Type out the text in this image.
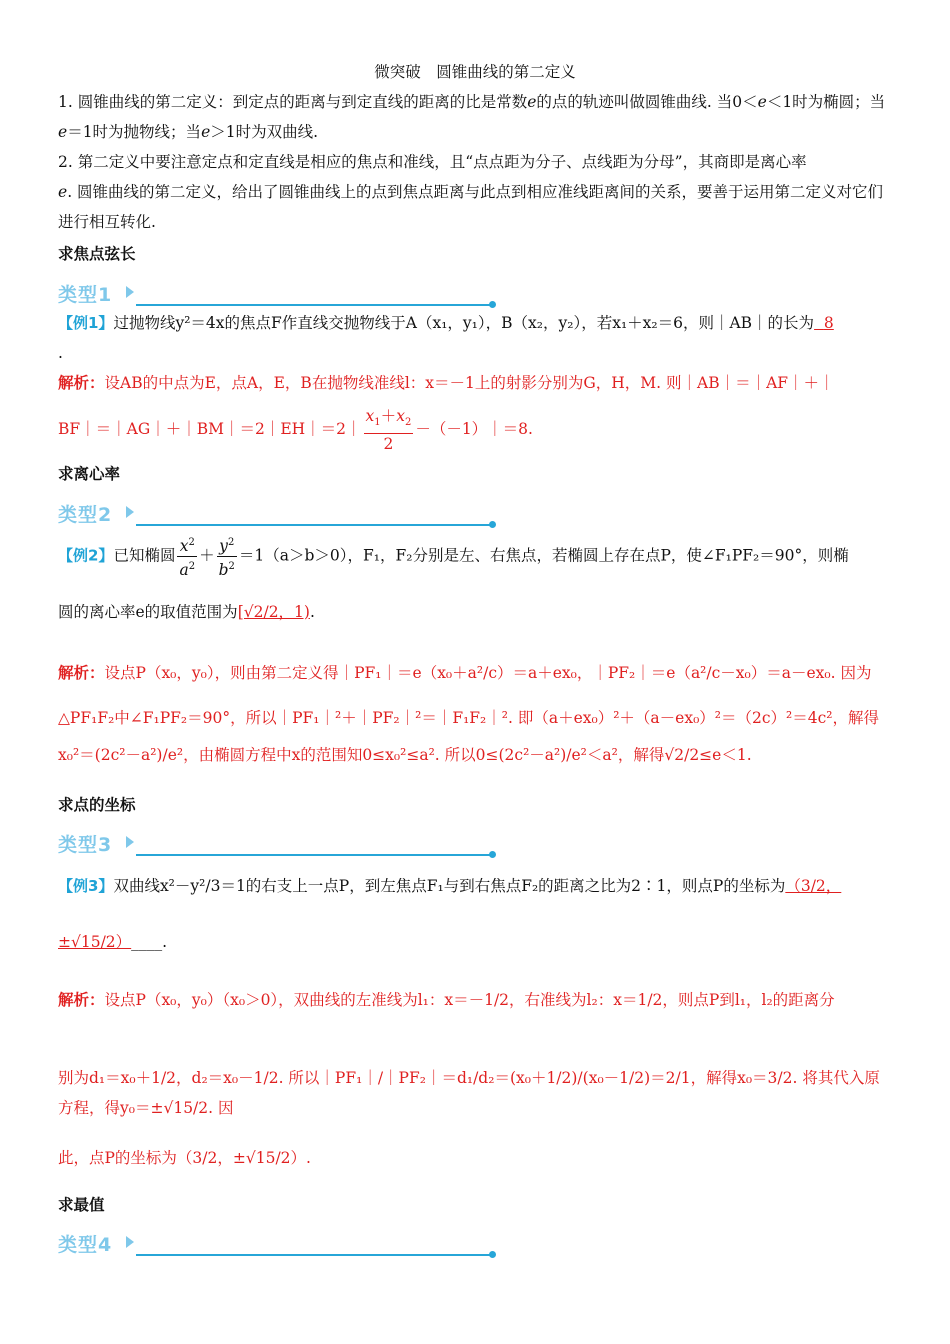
微突破　圆锥曲线的第二定义
1. 圆锥曲线的第二定义：到定点的距离与到定直线的距离的比是常数e的点的轨迹叫做圆锥曲线. 当0＜e＜1时为椭圆；当e＝1时为抛物线；当e＞1时为双曲线.
2. 第二定义中要注意定点和定直线是相应的焦点和准线，且“点点距为分子、点线距为分母”，其商即是离心率
e. 圆锥曲线的第二定义，给出了圆锥曲线上的点到焦点距离与此点到相应准线距离间的关系，要善于运用第二定义对它们进行相互转化.
求焦点弦长
类型1
【例1】过抛物线y²＝4x的焦点F作直线交抛物线于A（x₁，y₁），B（x₂，y₂），若x₁＋x₂＝6，则｜AB｜的长为 8
.
解析：设AB的中点为E，点A，E，B在抛物线准线l：x＝－1上的射影分别为G，H，M. 则｜AB｜＝｜AF｜＋｜
BF｜＝｜AG｜＋｜BM｜＝2｜EH｜＝2｜ $\frac{x_1+x_2}{2}$ －（－1）｜＝8.
求离心率
类型2
【例2】已知椭圆 $\frac{x^2}{a^2} + \frac{y^2}{b^2} =1(a>b>0)$，F₁，F₂分别是左、右焦点，若椭圆上存在点P，使∠F₁PF₂＝90°，则椭
圆的离心率e的取值范围为[√2/2，1).
解析：设点P（x₀，y₀），则由第二定义得｜PF₁｜＝e（x₀＋a²/c）＝a＋ex₀，｜PF₂｜＝e（a²/c－x₀）＝a－ex₀. 因为
△PF₁F₂中∠F₁PF₂＝90°，所以｜PF₁｜²＋｜PF₂｜²＝｜F₁F₂｜². 即（a＋ex₀）²＋（a－ex₀）²＝（2c）²＝4c²，解得
x₀²＝(2c²－a²)/e²，由椭圆方程中x的范围知0≤x₀²≤a². 所以0≤(2c²－a²)/e²＜a²，解得√2/2≤e＜1.
求点的坐标
类型3
【例3】双曲线x²－y²/3＝1的右支上一点P，到左焦点F₁与到右焦点F₂的距离之比为2∶1，则点P的坐标为（3/2，
±√15/2）____.
解析：设点P（x₀，y₀）（x₀＞0），双曲线的左准线为l₁：x＝－1/2，右准线为l₂：x＝1/2，则点P到l₁，l₂的距离分
别为d₁＝x₀＋1/2，d₂＝x₀－1/2. 所以｜PF₁｜/｜PF₂｜＝d₁/d₂＝(x₀＋1/2)/(x₀－1/2)＝2/1，解得x₀＝3/2. 将其代入原方程，得y₀＝±√15/2. 因
此，点P的坐标为（3/2，±√15/2）.
求最值
类型4
